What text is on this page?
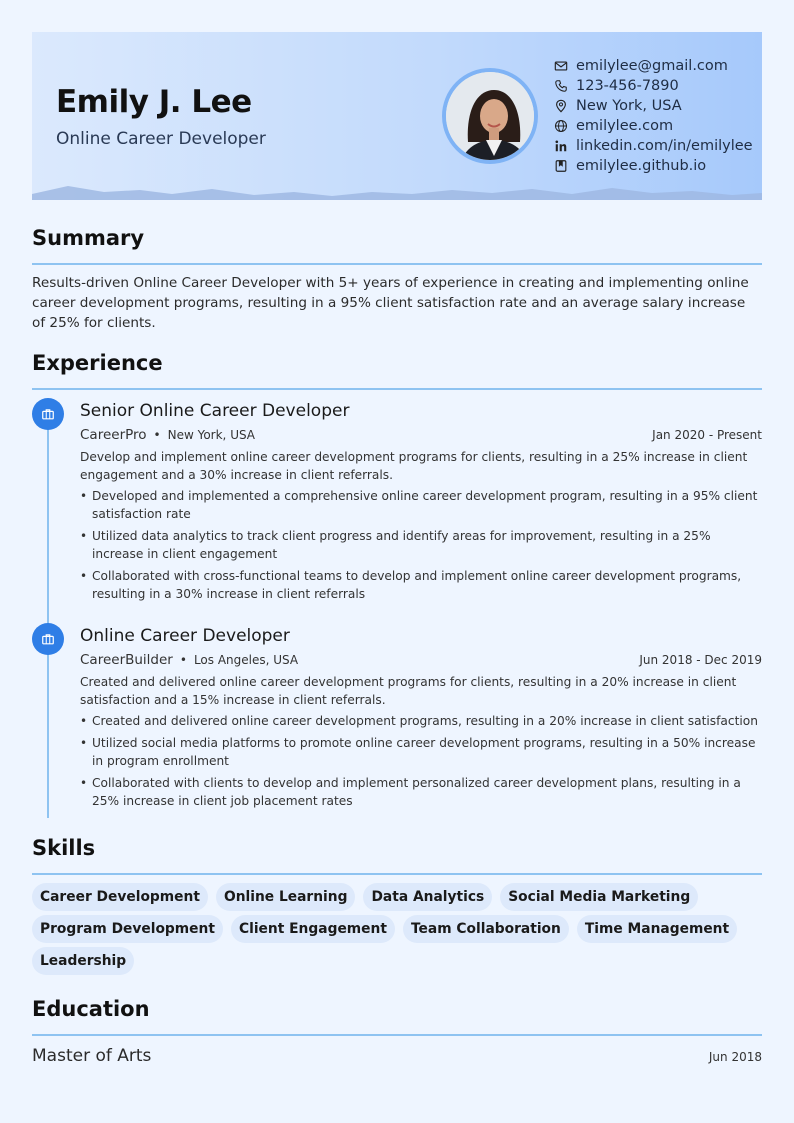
Emily J. Lee
Online Career Developer
emilylee@gmail.com
123-456-7890
New York, USA
emilylee.com
linkedin.com/in/emilylee
emilylee.github.io
Summary
Results-driven Online Career Developer with 5+ years of experience in creating and implementing online career development programs, resulting in a 95% client satisfaction rate and an average salary increase of 25% for clients.
Experience
Senior Online Career Developer
CareerPro • New York, USA	Jan 2020 - Present
Develop and implement online career development programs for clients, resulting in a 25% increase in client engagement and a 30% increase in client referrals.
• Developed and implemented a comprehensive online career development program, resulting in a 95% client satisfaction rate
• Utilized data analytics to track client progress and identify areas for improvement, resulting in a 25% increase in client engagement
• Collaborated with cross-functional teams to develop and implement online career development programs, resulting in a 30% increase in client referrals
Online Career Developer
CareerBuilder • Los Angeles, USA	Jun 2018 - Dec 2019
Created and delivered online career development programs for clients, resulting in a 20% increase in client satisfaction and a 15% increase in client referrals.
• Created and delivered online career development programs, resulting in a 20% increase in client satisfaction
• Utilized social media platforms to promote online career development programs, resulting in a 50% increase in program enrollment
• Collaborated with clients to develop and implement personalized career development plans, resulting in a 25% increase in client job placement rates
Skills
Career Development	Online Learning	Data Analytics	Social Media Marketing
Program Development	Client Engagement	Team Collaboration	Time Management
Leadership
Education
Master of Arts	Jun 2018
